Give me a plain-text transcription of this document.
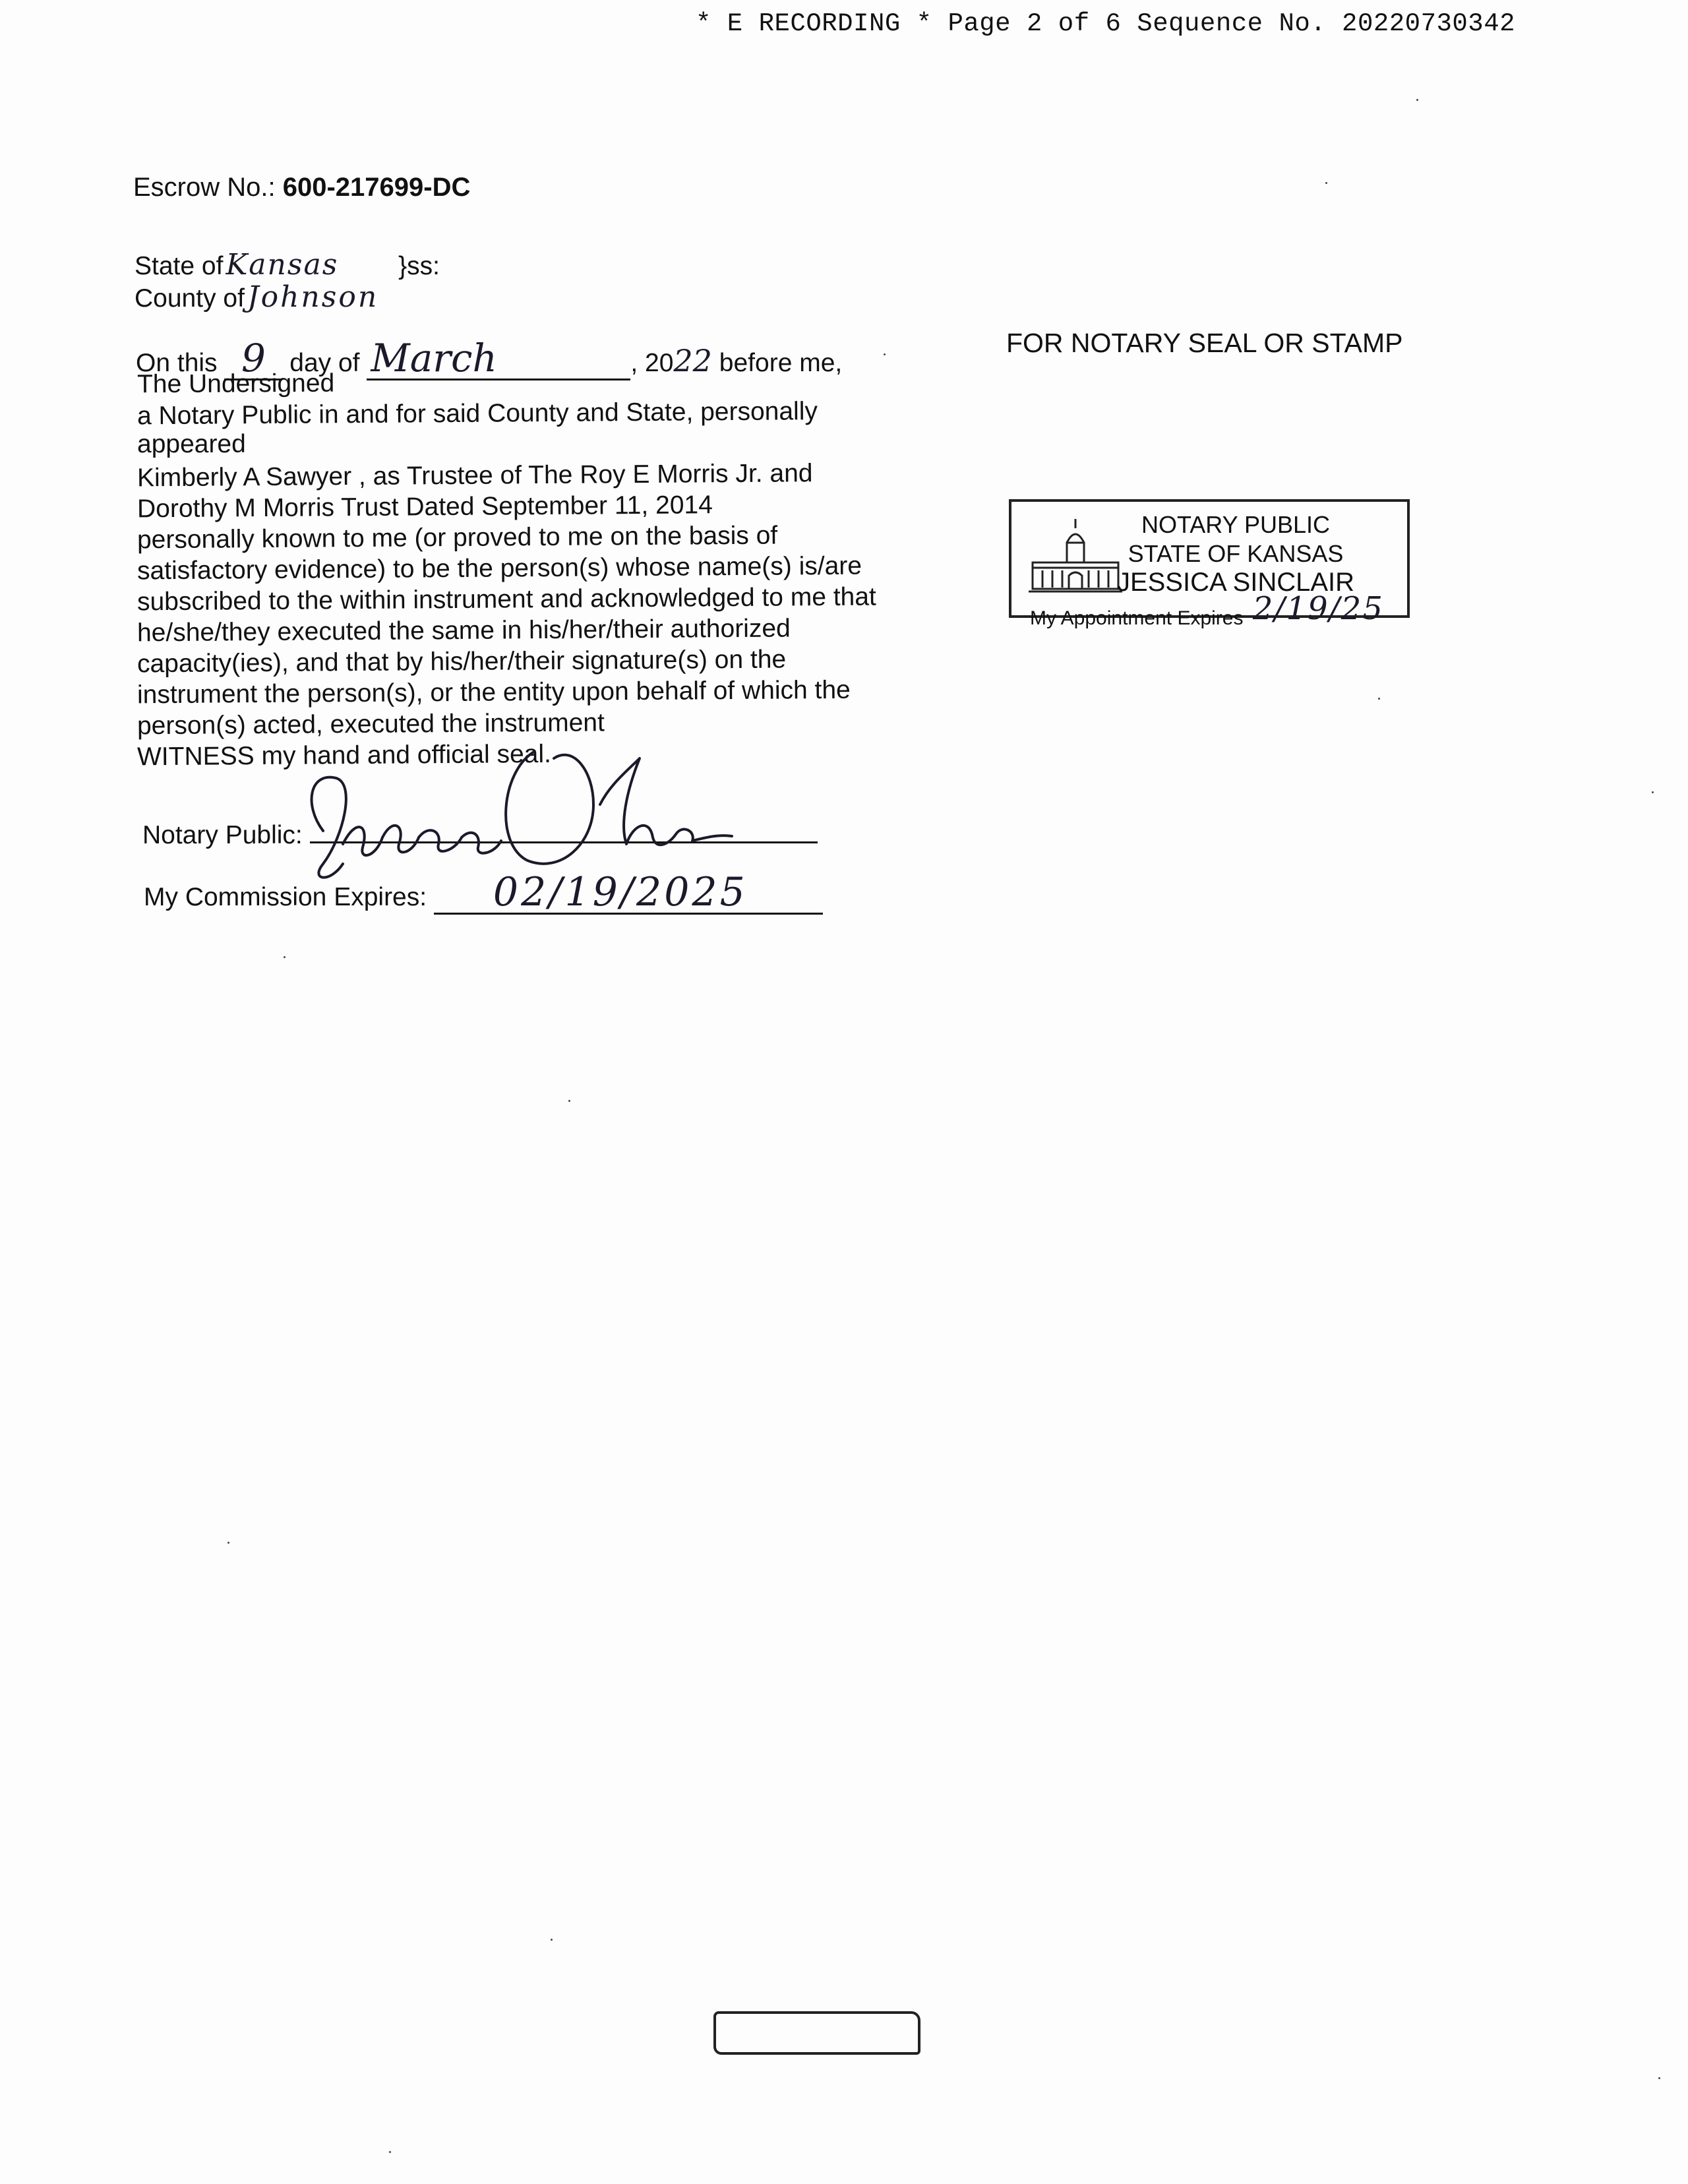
* E RECORDING * Page 2 of 6 Sequence No. 20220730342
Escrow No.: 600-217699-DC
State ofKansas }ss:
County ofJohnson
On this 9 day of March	, 2022 before me,
FOR NOTARY SEAL OR STAMP
The Undersigned
a Notary Public in and for said County and State, personally
appeared
Kimberly A Sawyer , as Trustee of The Roy E Morris Jr. and
Dorothy M Morris Trust Dated September 11, 2014
personally known to me (or proved to me on the basis of
satisfactory evidence) to be the person(s) whose name(s) is/are
subscribed to the within instrument and acknowledged to me that
he/she/they executed the same in his/her/their authorized
capacity(ies), and that by his/her/their signature(s) on the
instrument the person(s), or the entity upon behalf of which the
person(s) acted, executed the instrument
WITNESS my hand and official seal.
Notary Public:
My Commission Expires: 02/19/2025
NOTARY PUBLIC
STATE OF KANSAS
JESSICA SINCLAIR
My Appointment Expires 2/19/25
